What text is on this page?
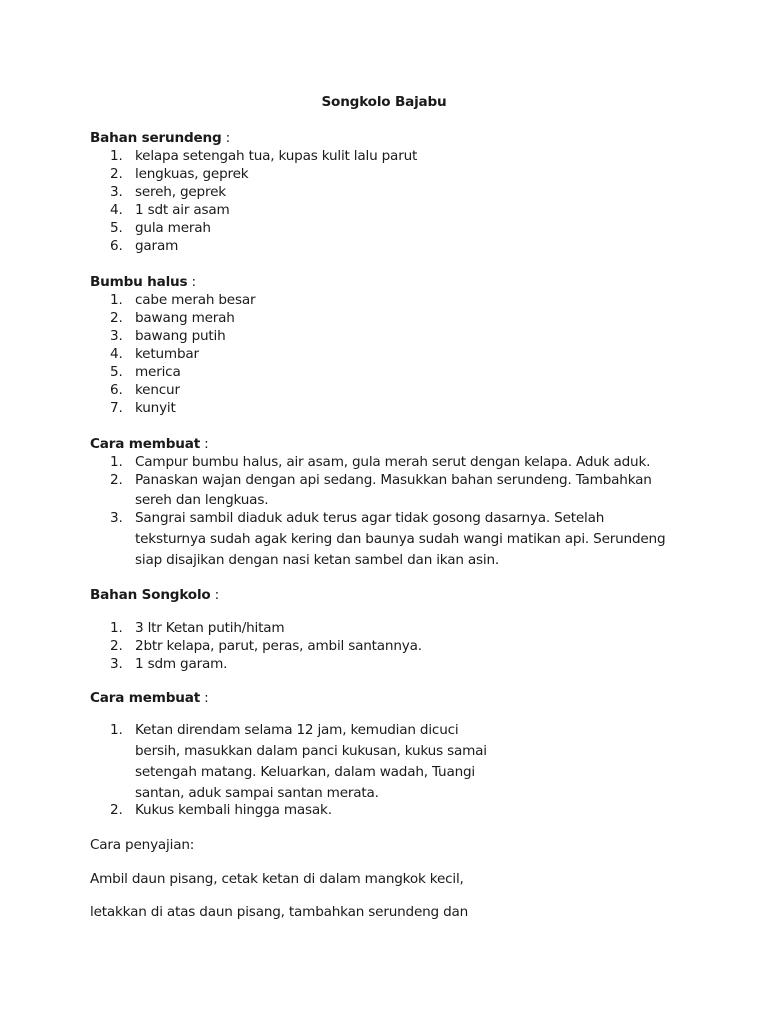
Songkolo Bajabu
Bahan serundeng :
1. kelapa setengah tua, kupas kulit lalu parut
2. lengkuas, geprek
3. sereh, geprek
4. 1 sdt air asam
5. gula merah
6. garam
Bumbu halus :
1. cabe merah besar
2. bawang merah
3. bawang putih
4. ketumbar
5. merica
6. kencur
7. kunyit
Cara membuat :
1. Campur bumbu halus, air asam, gula merah serut dengan kelapa. Aduk aduk.
2. Panaskan wajan dengan api sedang. Masukkan bahan serundeng. Tambahkan
sereh dan lengkuas.
3. Sangrai sambil diaduk aduk terus agar tidak gosong dasarnya. Setelah
teksturnya sudah agak kering dan baunya sudah wangi matikan api. Serundeng
siap disajikan dengan nasi ketan sambel dan ikan asin.
Bahan Songkolo :
1. 3 ltr Ketan putih/hitam
2. 2btr kelapa, parut, peras, ambil santannya.
3. 1 sdm garam.
Cara membuat :
1. Ketan direndam selama 12 jam, kemudian dicuci
bersih, masukkan dalam panci kukusan, kukus samai
setengah matang. Keluarkan, dalam wadah, Tuangi
santan, aduk sampai santan merata.
2. Kukus kembali hingga masak.
Cara penyajian:
Ambil daun pisang, cetak ketan di dalam mangkok kecil,
letakkan di atas daun pisang, tambahkan serundeng dan
